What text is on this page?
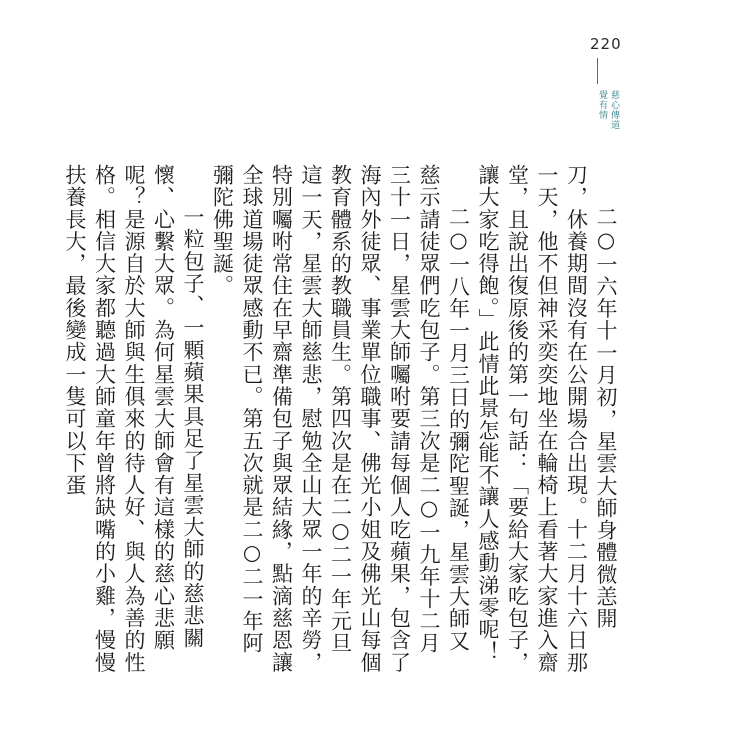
220
慈心傳道
覺有情

二○一六年十一月初，星雲大師身體微恙開刀，休養期間沒有在公開場合出現。十二月十六日那一天，他不但神采奕奕地坐在輪椅上看著大家進入齋堂，且說出復原後的第一句話：「要給大家吃包子，讓大家吃得飽。」此情此景怎能不讓人感動涕零呢！

二○一八年一月三日的彌陀聖誕，星雲大師又慈示請徒眾們吃包子。第三次是二○一九年十二月三十一日，星雲大師囑咐要請每個人吃蘋果，包含了海內外徒眾、事業單位職事、佛光小姐及佛光山每個教育體系的教職員生。第四次是在二○二一年元旦這一天，星雲大師慈悲，慰勉全山大眾一年的辛勞，特別囑咐常住在早齋準備包子與眾結緣，點滴慈恩讓全球道場徒眾感動不已。第五次就是二○二一年阿彌陀佛聖誕。

一粒包子、一顆蘋果具足了星雲大師的慈悲關懷、心繫大眾。為何星雲大師會有這樣的慈心悲願呢？是源自於大師與生俱來的待人好、與人為善的性格。相信大家都聽過大師童年曾將缺嘴的小雞，慢慢扶養長大，最後變成一隻可以下蛋
